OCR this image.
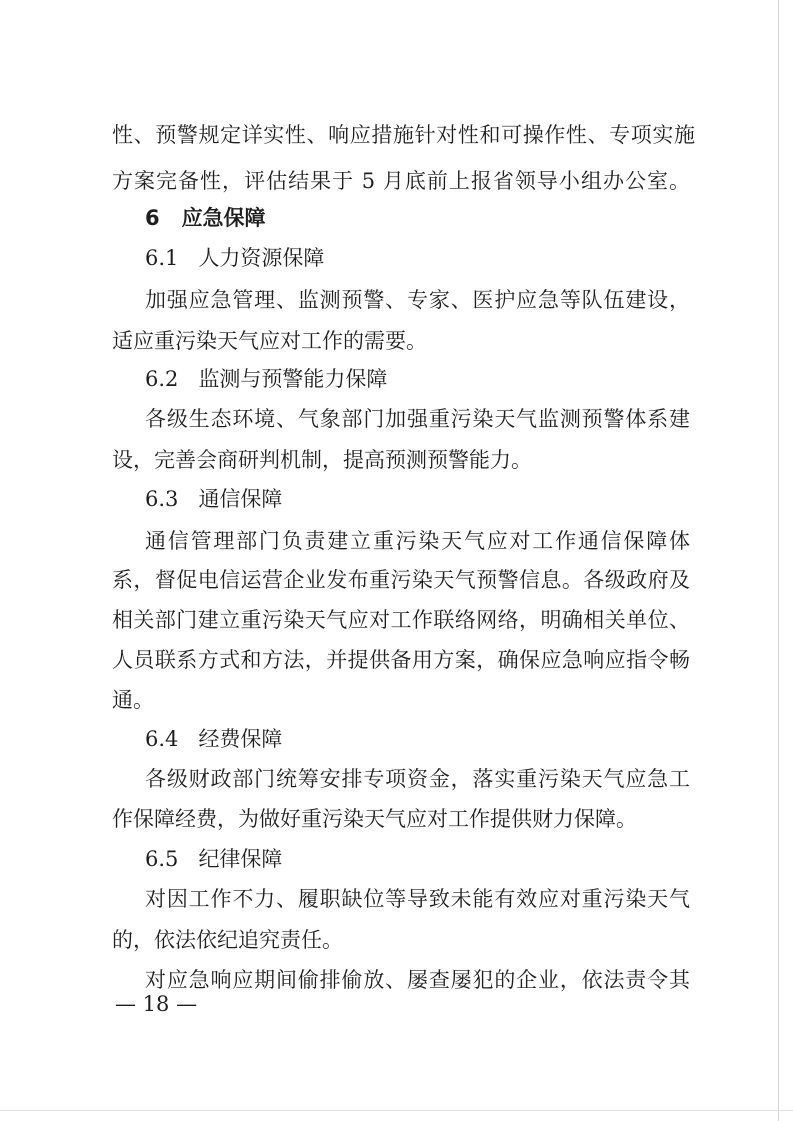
性、预警规定详实性、响应措施针对性和可操作性、专项实施
方案完备性，评估结果于 5 月底前上报省领导小组办公室。
6 应急保障
6.1 人力资源保障
加强应急管理、监测预警、专家、医护应急等队伍建设，
适应重污染天气应对工作的需要。
6.2 监测与预警能力保障
各级生态环境、气象部门加强重污染天气监测预警体系建
设，完善会商研判机制，提高预测预警能力。
6.3 通信保障
通信管理部门负责建立重污染天气应对工作通信保障体
系，督促电信运营企业发布重污染天气预警信息。各级政府及
相关部门建立重污染天气应对工作联络网络，明确相关单位、
人员联系方式和方法，并提供备用方案，确保应急响应指令畅
通。
6.4 经费保障
各级财政部门统筹安排专项资金，落实重污染天气应急工
作保障经费，为做好重污染天气应对工作提供财力保障。
6.5 纪律保障
对因工作不力、履职缺位等导致未能有效应对重污染天气
的，依法依纪追究责任。
对应急响应期间偷排偷放、屡查屡犯的企业，依法责令其
— 18 —
